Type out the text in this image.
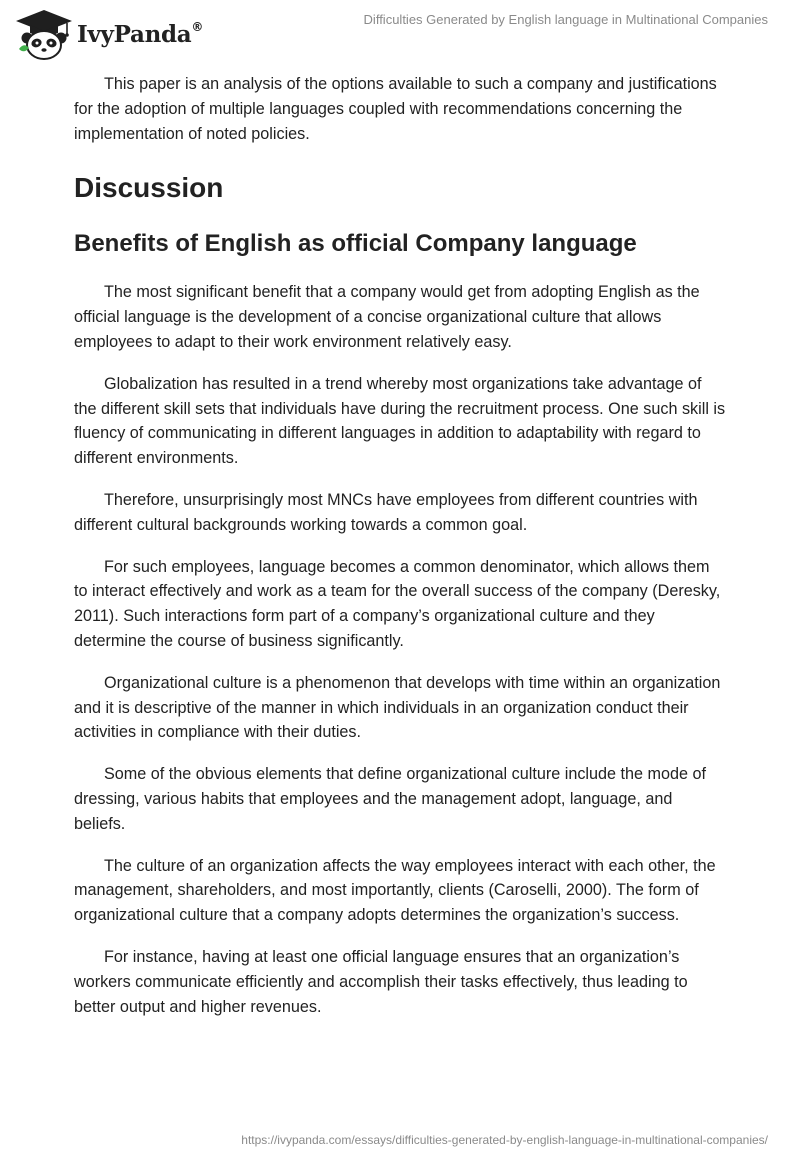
IvyPanda®	Difficulties Generated by English language in Multinational Companies

This paper is an analysis of the options available to such a company and justifications for the adoption of multiple languages coupled with recommendations concerning the implementation of noted policies.

Discussion
Benefits of English as official Company language

The most significant benefit that a company would get from adopting English as the official language is the development of a concise organizational culture that allows employees to adapt to their work environment relatively easy.

Globalization has resulted in a trend whereby most organizations take advantage of the different skill sets that individuals have during the recruitment process. One such skill is fluency of communicating in different languages in addition to adaptability with regard to different environments.

Therefore, unsurprisingly most MNCs have employees from different countries with different cultural backgrounds working towards a common goal.

For such employees, language becomes a common denominator, which allows them to interact effectively and work as a team for the overall success of the company (Deresky, 2011). Such interactions form part of a company’s organizational culture and they determine the course of business significantly.

Organizational culture is a phenomenon that develops with time within an organization and it is descriptive of the manner in which individuals in an organization conduct their activities in compliance with their duties.

Some of the obvious elements that define organizational culture include the mode of dressing, various habits that employees and the management adopt, language, and beliefs.

The culture of an organization affects the way employees interact with each other, the management, shareholders, and most importantly, clients (Caroselli, 2000). The form of organizational culture that a company adopts determines the organization’s success.

For instance, having at least one official language ensures that an organization’s workers communicate efficiently and accomplish their tasks effectively, thus leading to better output and higher revenues.

https://ivypanda.com/essays/difficulties-generated-by-english-language-in-multinational-companies/
